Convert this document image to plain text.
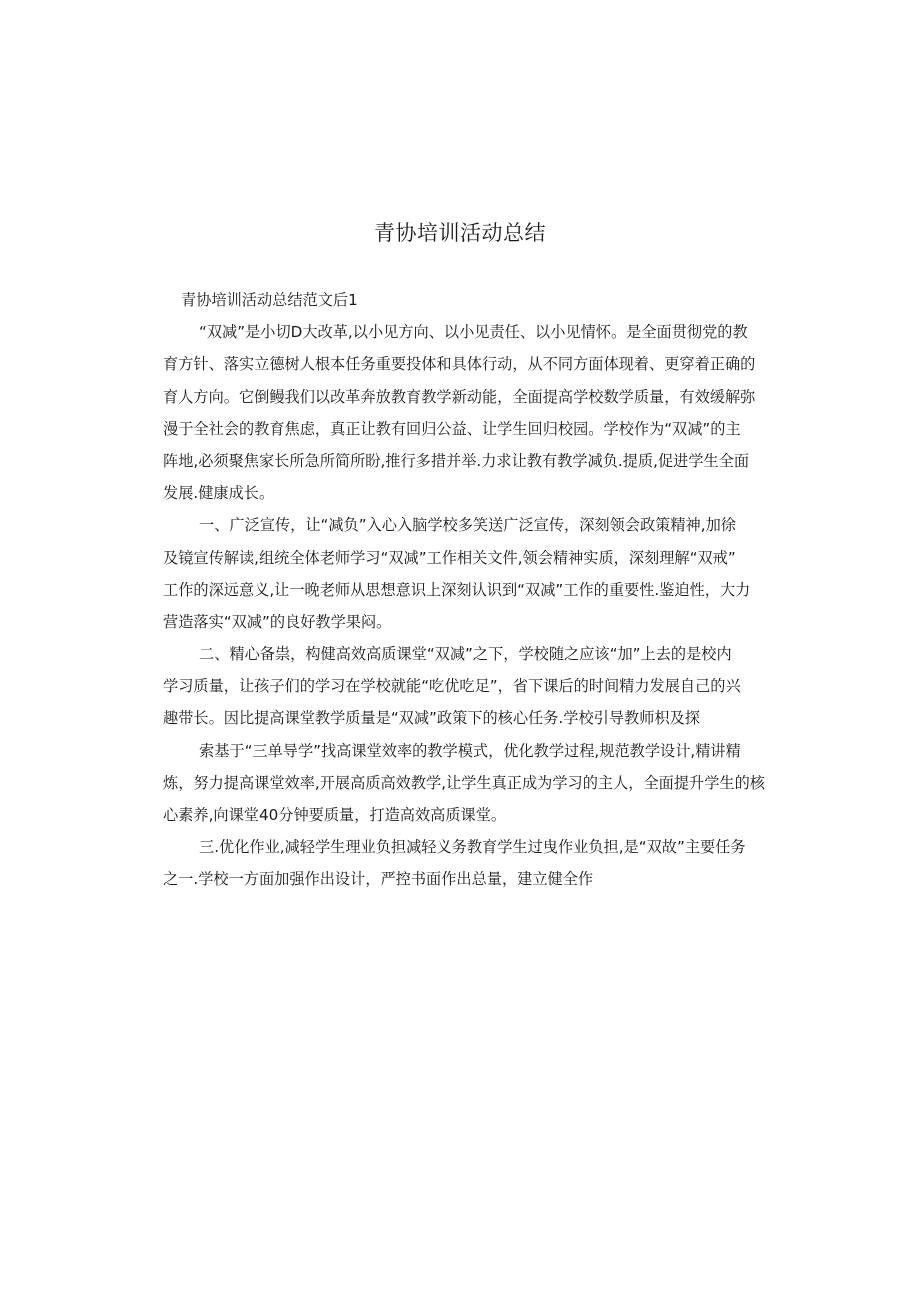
青协培训活动总结
青协培训活动总结范文后1
“双减”是小切D大改革,以小见方向、以小见责任、以小见情怀。是全面贯彻党的教
育方针、落实立德树人根本任务重要投体和具体行动，从不同方面体现着、更穿着正确的
育人方向。它倒鳗我们以改革奔放教育教学新动能，全面提高学校数学质量，有效缓解弥
漫于全社会的教育焦虑，真正让教有回归公益、让学生回归校园。学校作为“双减”的主
阵地,必须聚焦家长所急所简所盼,推行多措并举.力求让教有教学减负.提质,促进学生全面
发展.健康成长。
一、广泛宣传，让“减负”入心入脑学校多笑送广泛宣传，深刻领会政策精神,加徐
及镜宣传解读,组统全体老师学习“双减”工作相关文件,领会精神实质，深刻理解“双戒”
工作的深远意义,让一晚老师从思想意识上深刻认识到“双减”工作的重要性.鉴迫性，大力
营造落实“双减”的良好教学果闷。
二、精心备祟，构健高效高质课堂“双减”之下，学校随之应该“加”上去的是校内
学习质量，让孩子们的学习在学校就能“吃优吃足”，省下课后的时间精力发展自己的兴
趣带长。因比提高课堂教学质量是“双减”政策下的核心任务.学校引导教师枳及探
索基于“三单导学”找高课堂效率的教学模式，优化教学过程,规范教学设计,精讲精
炼，努力提高课堂效率,开展高质高效教学,让学生真正成为学习的主人，全面提升学生的核
心素养,向课堂40分钟要质量，打造高效高质课堂。
三.优化作业,减轻学生理业负担减轻义务教育学生过曳作业负担,是“双故”主要任务
之一.学校一方面加强作出设计，严控书面作出总量，建立健全作
